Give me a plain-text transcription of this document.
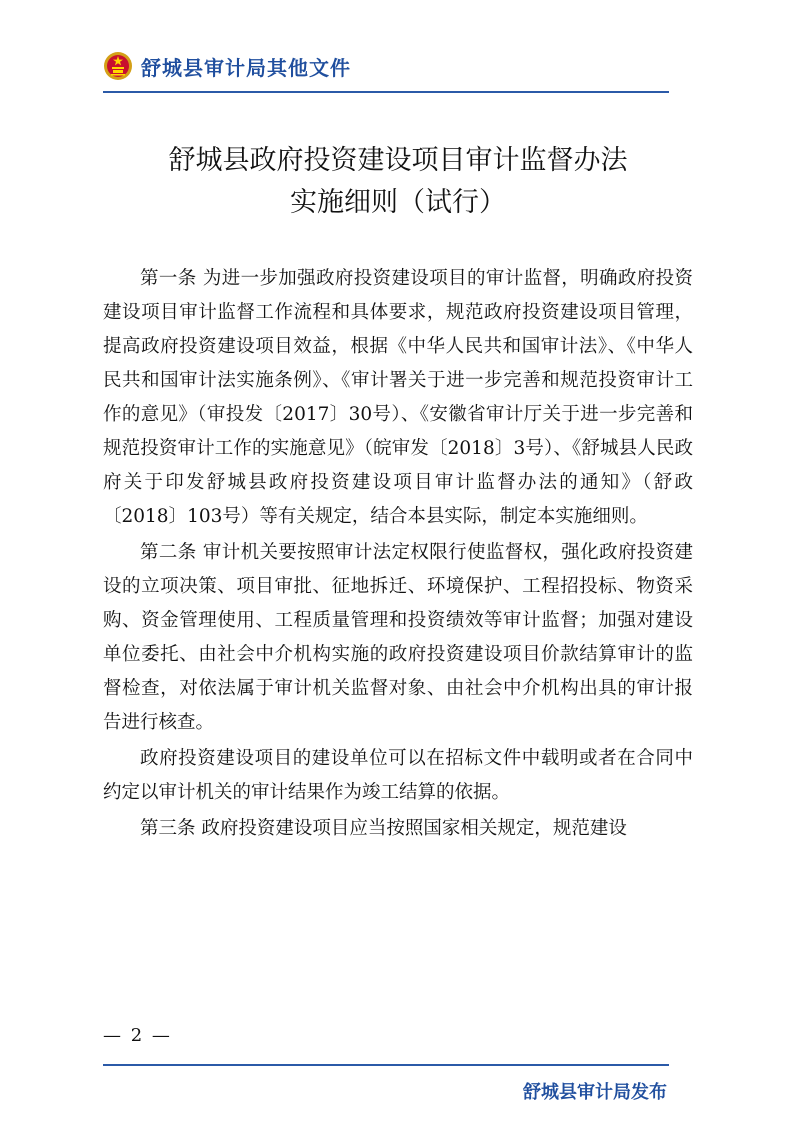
舒城县审计局其他文件
舒城县政府投资建设项目审计监督办法
实施细则（试行）

第一条 为进一步加强政府投资建设项目的审计监督，明确政府投资建设项目审计监督工作流程和具体要求，规范政府投资建设项目管理，提高政府投资建设项目效益，根据《中华人民共和国审计法》、《中华人民共和国审计法实施条例》、《审计署关于进一步完善和规范投资审计工作的意见》（审投发〔2017〕30号）、《安徽省审计厅关于进一步完善和规范投资审计工作的实施意见》（皖审发〔2018〕3号）、《舒城县人民政府关于印发舒城县政府投资建设项目审计监督办法的通知》（舒政〔2018〕103号）等有关规定，结合本县实际，制定本实施细则。

第二条 审计机关要按照审计法定权限行使监督权，强化政府投资建设的立项决策、项目审批、征地拆迁、环境保护、工程招投标、物资采购、资金管理使用、工程质量管理和投资绩效等审计监督；加强对建设单位委托、由社会中介机构实施的政府投资建设项目价款结算审计的监督检查，对依法属于审计机关监督对象、由社会中介机构出具的审计报告进行核查。

政府投资建设项目的建设单位可以在招标文件中载明或者在合同中约定以审计机关的审计结果作为竣工结算的依据。

第三条 政府投资建设项目应当按照国家相关规定，规范建设

— 2 —
舒城县审计局发布
